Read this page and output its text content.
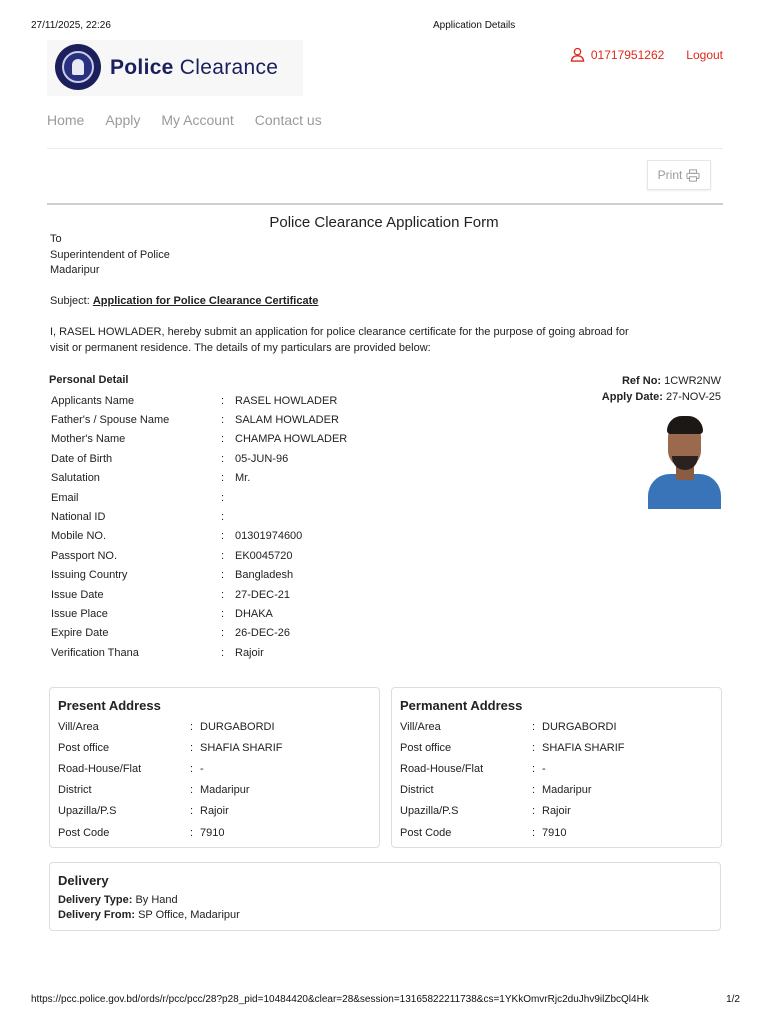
27/11/2025, 22:26	Application Details
Police Clearance
01717951262 Logout
Home Apply My Account Contact us
Print
Police Clearance Application Form
To
Superintendent of Police
Madaripur
Subject: Application for Police Clearance Certificate
I, RASEL HOWLADER, hereby submit an application for police clearance certificate for the purpose of going abroad for visit or permanent residence. The details of my particulars are provided below:
Personal Detail
Applicants Name	: RASEL HOWLADER
Father's / Spouse Name	: SALAM HOWLADER
Mother's Name	: CHAMPA HOWLADER
Date of Birth	: 05-JUN-96
Salutation	: Mr.
Email	:
National ID	:
Mobile NO.	: 01301974600
Passport NO.	: EK0045720
Issuing Country	: Bangladesh
Issue Date	: 27-DEC-21
Issue Place	: DHAKA
Expire Date	: 26-DEC-26
Verification Thana	: Rajoir
Ref No: 1CWR2NW
Apply Date: 27-NOV-25
Present Address
Vill/Area	: DURGABORDI
Post office	: SHAFIA SHARIF
Road-House/Flat	: -
District	: Madaripur
Upazilla/P.S	: Rajoir
Post Code	: 7910
Permanent Address
Vill/Area	: DURGABORDI
Post office	: SHAFIA SHARIF
Road-House/Flat	: -
District	: Madaripur
Upazilla/P.S	: Rajoir
Post Code	: 7910
Delivery
Delivery Type: By Hand
Delivery From: SP Office, Madaripur
https://pcc.police.gov.bd/ords/r/pcc/pcc/28?p28_pid=10484420&clear=28&session=13165822211738&cs=1YKkOmvrRjc2duJhv9ilZbcQl4Hk	1/2
